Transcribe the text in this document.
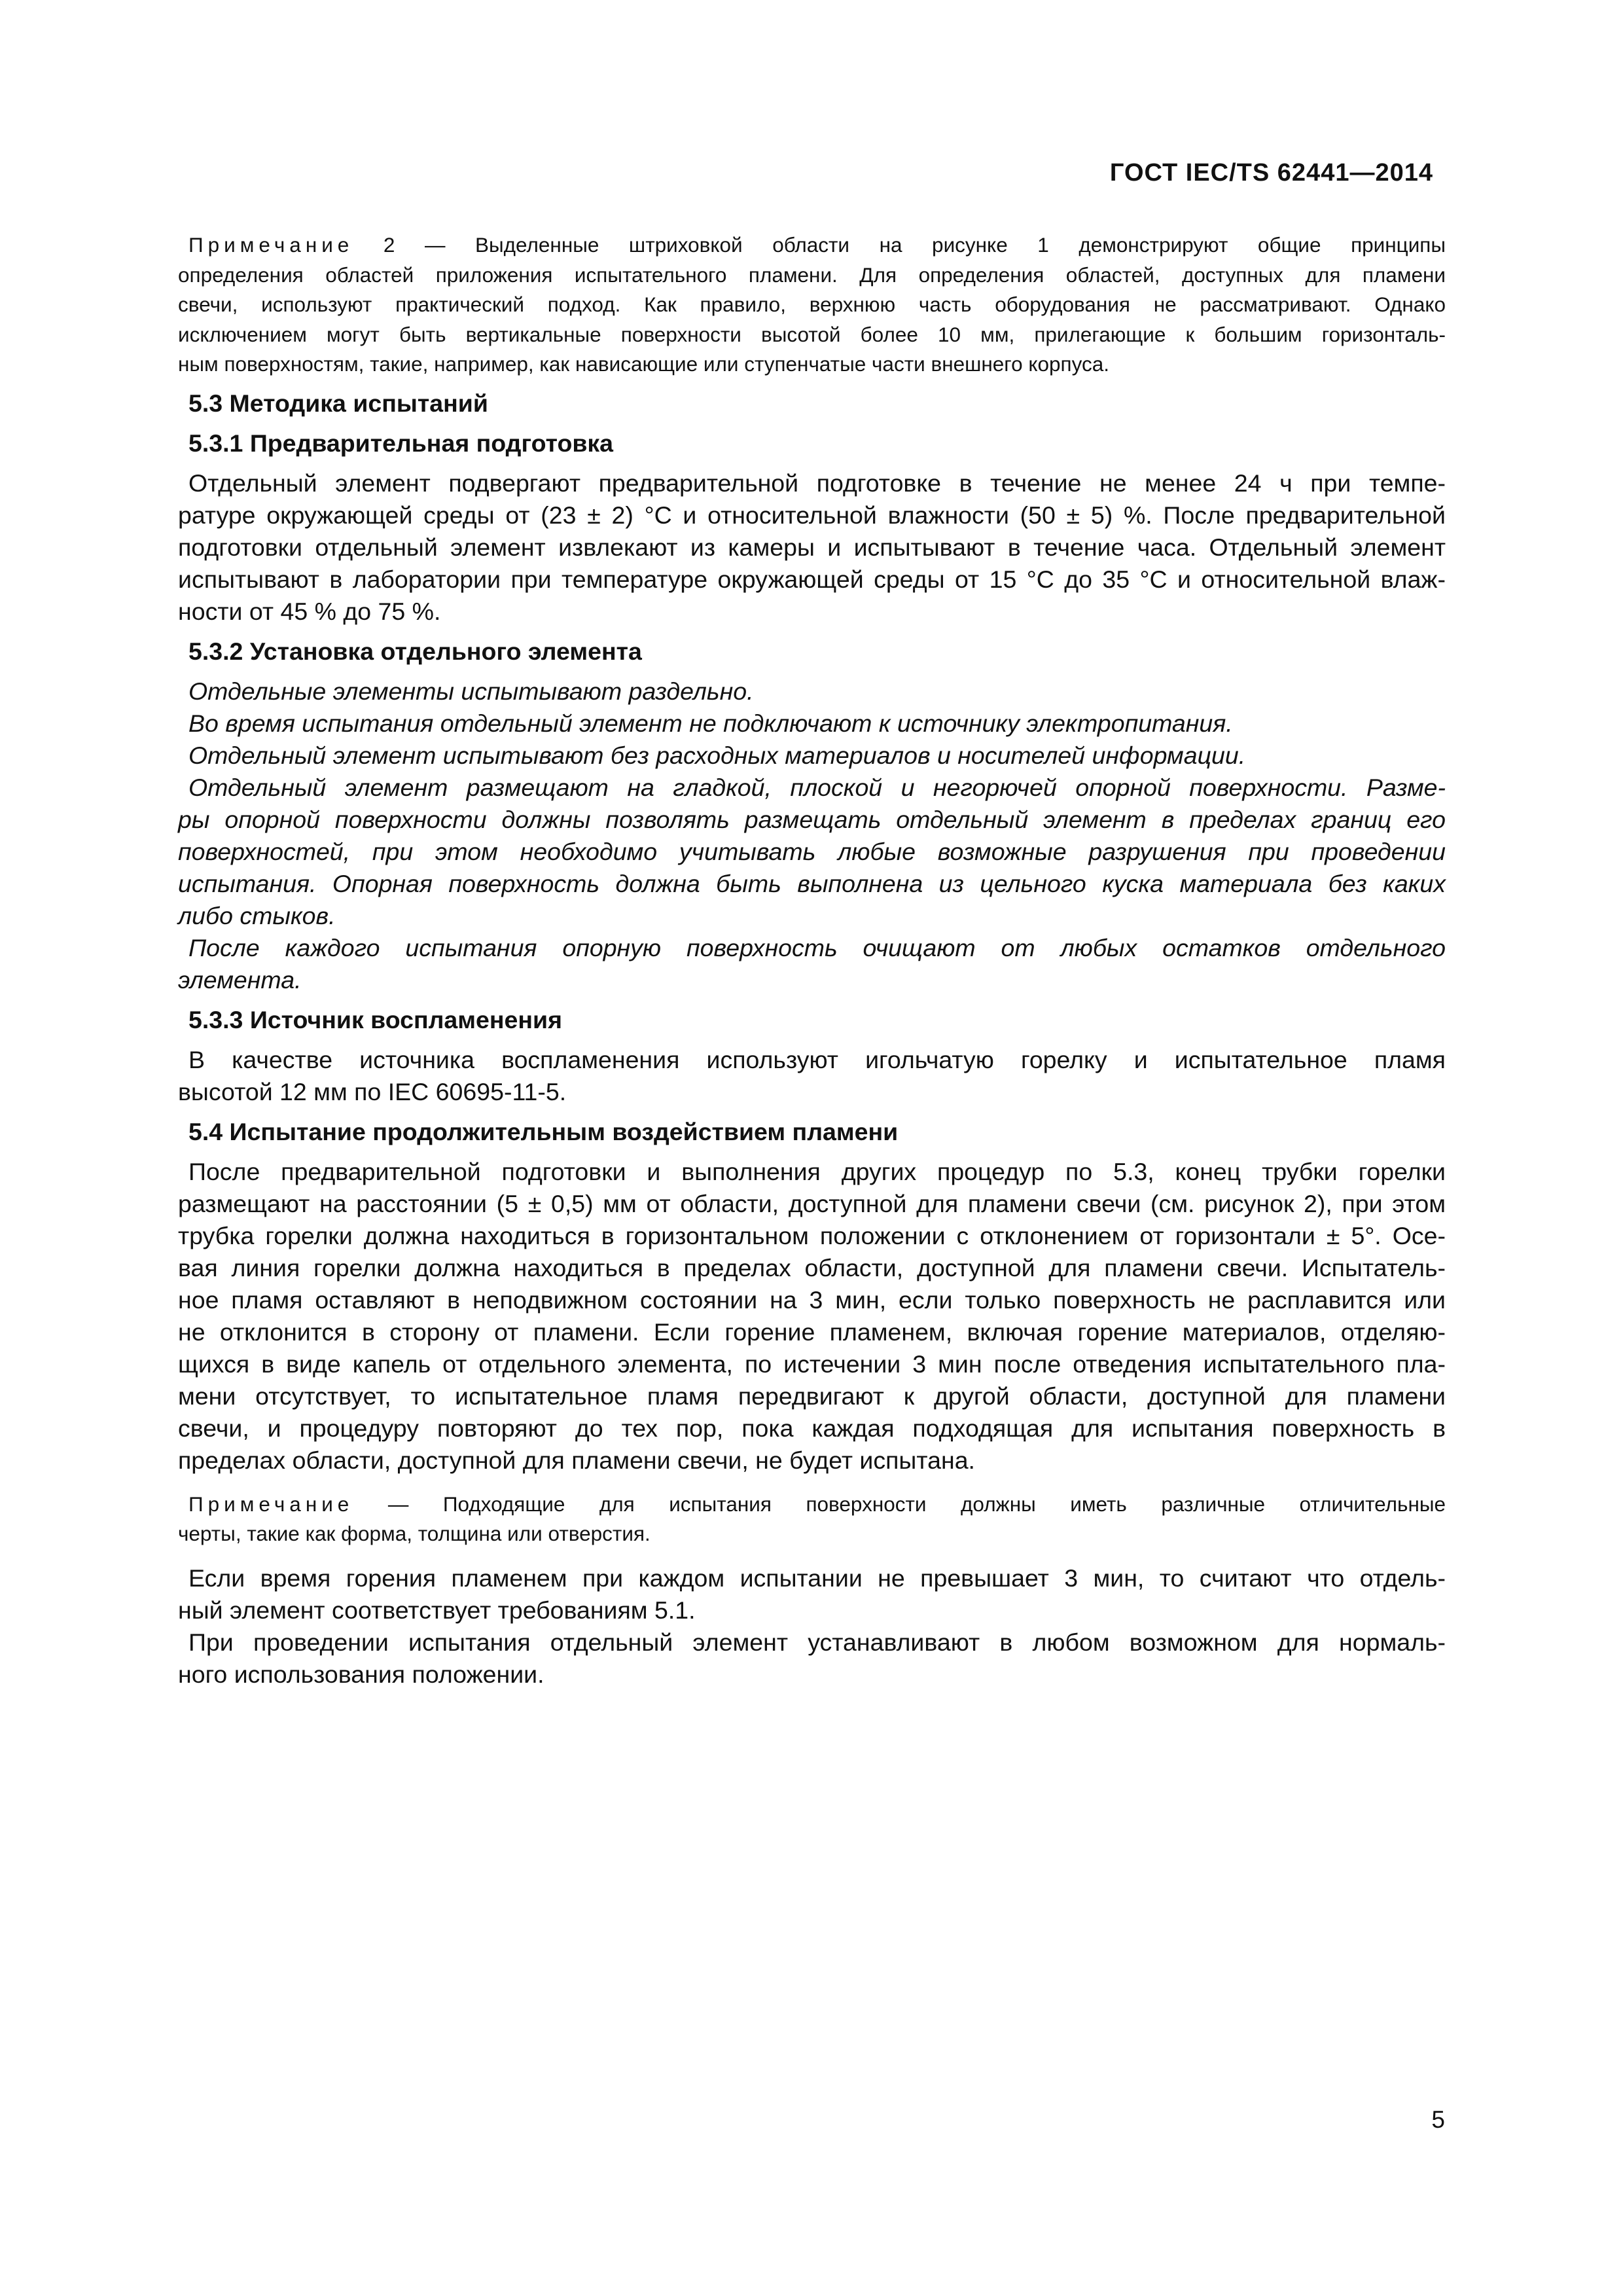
ГОСТ IEC/TS 62441—2014
Примечание 2 — Выделенные штриховкой области на рисунке 1 демонстрируют общие принципы
определения областей приложения испытательного пламени. Для определения областей, доступных для пламени
свечи, используют практический подход. Как правило, верхнюю часть оборудования не рассматривают. Однако
исключением могут быть вертикальные поверхности высотой более 10 мм, прилегающие к большим горизонталь-
ным поверхностям, такие, например, как нависающие или ступенчатые части внешнего корпуса.
5.3 Методика испытаний
5.3.1 Предварительная подготовка
Отдельный элемент подвергают предварительной подготовке в течение не менее 24 ч при темпе-
ратуре окружающей среды от (23 ± 2) °C и относительной влажности (50 ± 5) %. После предварительной
подготовки отдельный элемент извлекают из камеры и испытывают в течение часа. Отдельный элемент
испытывают в лаборатории при температуре окружающей среды от 15 °C до 35 °C и относительной влаж-
ности от 45 % до 75 %.
5.3.2 Установка отдельного элемента
Отдельные элементы испытывают раздельно.
Во время испытания отдельный элемент не подключают к источнику электропитания.
Отдельный элемент испытывают без расходных материалов и носителей информации.
Отдельный элемент размещают на гладкой, плоской и негорючей опорной поверхности. Разме-
ры опорной поверхности должны позволять размещать отдельный элемент в пределах границ его
поверхностей, при этом необходимо учитывать любые возможные разрушения при проведении
испытания. Опорная поверхность должна быть выполнена из цельного куска материала без каких
либо стыков.
После каждого испытания опорную поверхность очищают от любых остатков отдельного
элемента.
5.3.3 Источник воспламенения
В качестве источника воспламенения используют игольчатую горелку и испытательное пламя
высотой 12 мм по IEC 60695-11-5.
5.4 Испытание продолжительным воздействием пламени
После предварительной подготовки и выполнения других процедур по 5.3, конец трубки горелки
размещают на расстоянии (5 ± 0,5) мм от области, доступной для пламени свечи (см. рисунок 2), при этом
трубка горелки должна находиться в горизонтальном положении с отклонением от горизонтали ± 5°. Осе-
вая линия горелки должна находиться в пределах области, доступной для пламени свечи. Испытатель-
ное пламя оставляют в неподвижном состоянии на 3 мин, если только поверхность не расплавится или
не отклонится в сторону от пламени. Если горение пламенем, включая горение материалов, отделяю-
щихся в виде капель от отдельного элемента, по истечении 3 мин после отведения испытательного пла-
мени отсутствует, то испытательное пламя передвигают к другой области, доступной для пламени
свечи, и процедуру повторяют до тех пор, пока каждая подходящая для испытания поверхность в
пределах области, доступной для пламени свечи, не будет испытана.
Примечание — Подходящие для испытания поверхности должны иметь различные отличительные
черты, такие как форма, толщина или отверстия.
Если время горения пламенем при каждом испытании не превышает 3 мин, то считают что отдель-
ный элемент соответствует требованиям 5.1.
При проведении испытания отдельный элемент устанавливают в любом возможном для нормаль-
ного использования положении.
5
